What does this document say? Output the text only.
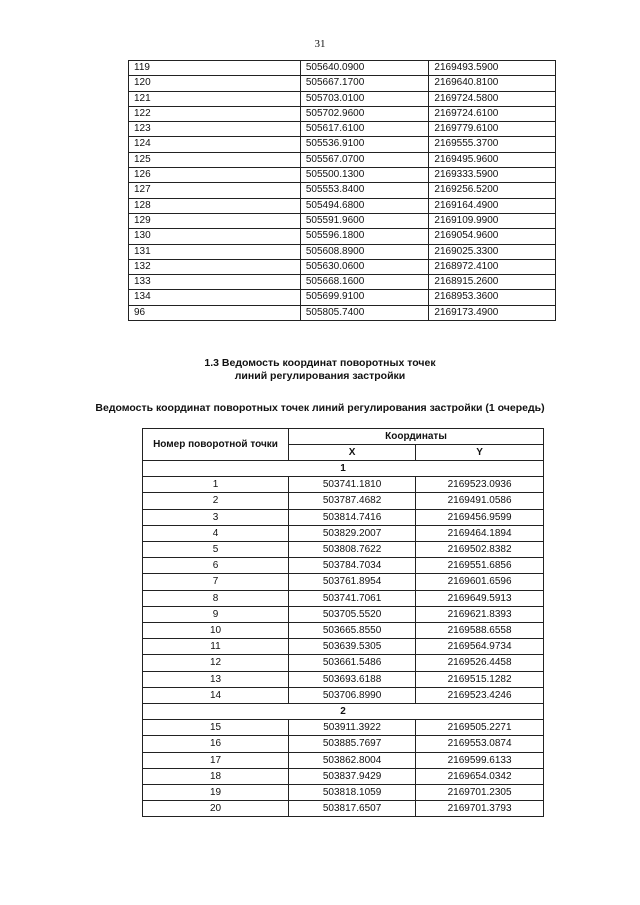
31
119	505640.0900	2169493.5900
120	505667.1700	2169640.8100
121	505703.0100	2169724.5800
122	505702.9600	2169724.6100
123	505617.6100	2169779.6100
124	505536.9100	2169555.3700
125	505567.0700	2169495.9600
126	505500.1300	2169333.5900
127	505553.8400	2169256.5200
128	505494.6800	2169164.4900
129	505591.9600	2169109.9900
130	505596.1800	2169054.9600
131	505608.8900	2169025.3300
132	505630.0600	2168972.4100
133	505668.1600	2168915.2600
134	505699.9100	2168953.3600
96	505805.7400	2169173.4900
1.3 Ведомость координат поворотных точек
линий регулирования застройки
Ведомость координат поворотных точек линий регулирования застройки (1 очередь)
Номер поворотной точки	Координаты	
	X	Y
1		
1	503741.1810	2169523.0936
2	503787.4682	2169491.0586
3	503814.7416	2169456.9599
4	503829.2007	2169464.1894
5	503808.7622	2169502.8382
6	503784.7034	2169551.6856
7	503761.8954	2169601.6596
8	503741.7061	2169649.5913
9	503705.5520	2169621.8393
10	503665.8550	2169588.6558
11	503639.5305	2169564.9734
12	503661.5486	2169526.4458
13	503693.6188	2169515.1282
14	503706.8990	2169523.4246
2		
15	503911.3922	2169505.2271
16	503885.7697	2169553.0874
17	503862.8004	2169599.6133
18	503837.9429	2169654.0342
19	503818.1059	2169701.2305
20	503817.6507	2169701.3793
